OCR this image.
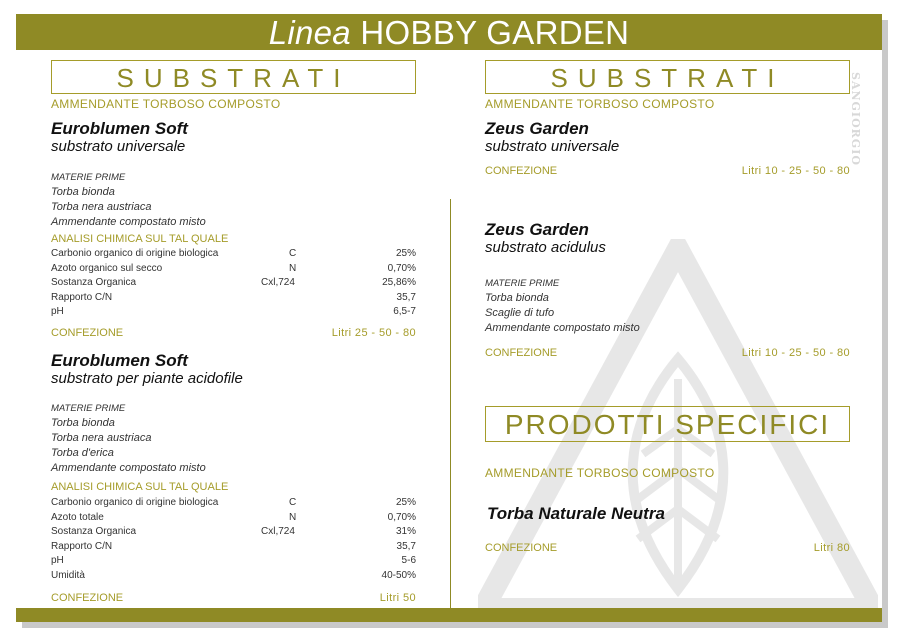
Linea HOBBY GARDEN
SANGIORGIO
SUBSTRATI
AMMENDANTE TORBOSO COMPOSTO
Euroblumen Soft
substrato universale
MATERIE PRIME
Torba bionda
Torba nera austriaca
Ammendante compostato misto
ANALISI CHIMICA SUL TAL QUALE
Carbonio organico di origine biologica	C	25%
Azoto organico sul secco	N	0,70%
Sostanza Organica	Cxl,724	25,86%
Rapporto C/N	35,7
pH	6,5-7
CONFEZIONE	Litri 25 - 50 - 80
Euroblumen Soft
substrato per piante acidofile
MATERIE PRIME
Torba bionda
Torba nera austriaca
Torba d'erica
Ammendante compostato misto
ANALISI CHIMICA SUL TAL QUALE
Carbonio organico di origine biologica	C	25%
Azoto totale	N	0,70%
Sostanza Organica	Cxl,724	31%
Rapporto C/N	35,7
pH	5-6
Umidità	40-50%
CONFEZIONE	Litri 50
SUBSTRATI
AMMENDANTE TORBOSO COMPOSTO
Zeus Garden
substrato universale
CONFEZIONE	Litri 10 - 25 - 50 - 80
Zeus Garden
substrato acidulus
MATERIE PRIME
Torba bionda
Scaglie di tufo
Ammendante compostato misto
CONFEZIONE	Litri 10 - 25 - 50 - 80
PRODOTTI SPECIFICI
AMMENDANTE TORBOSO COMPOSTO
Torba Naturale Neutra
CONFEZIONE	Litri 80
